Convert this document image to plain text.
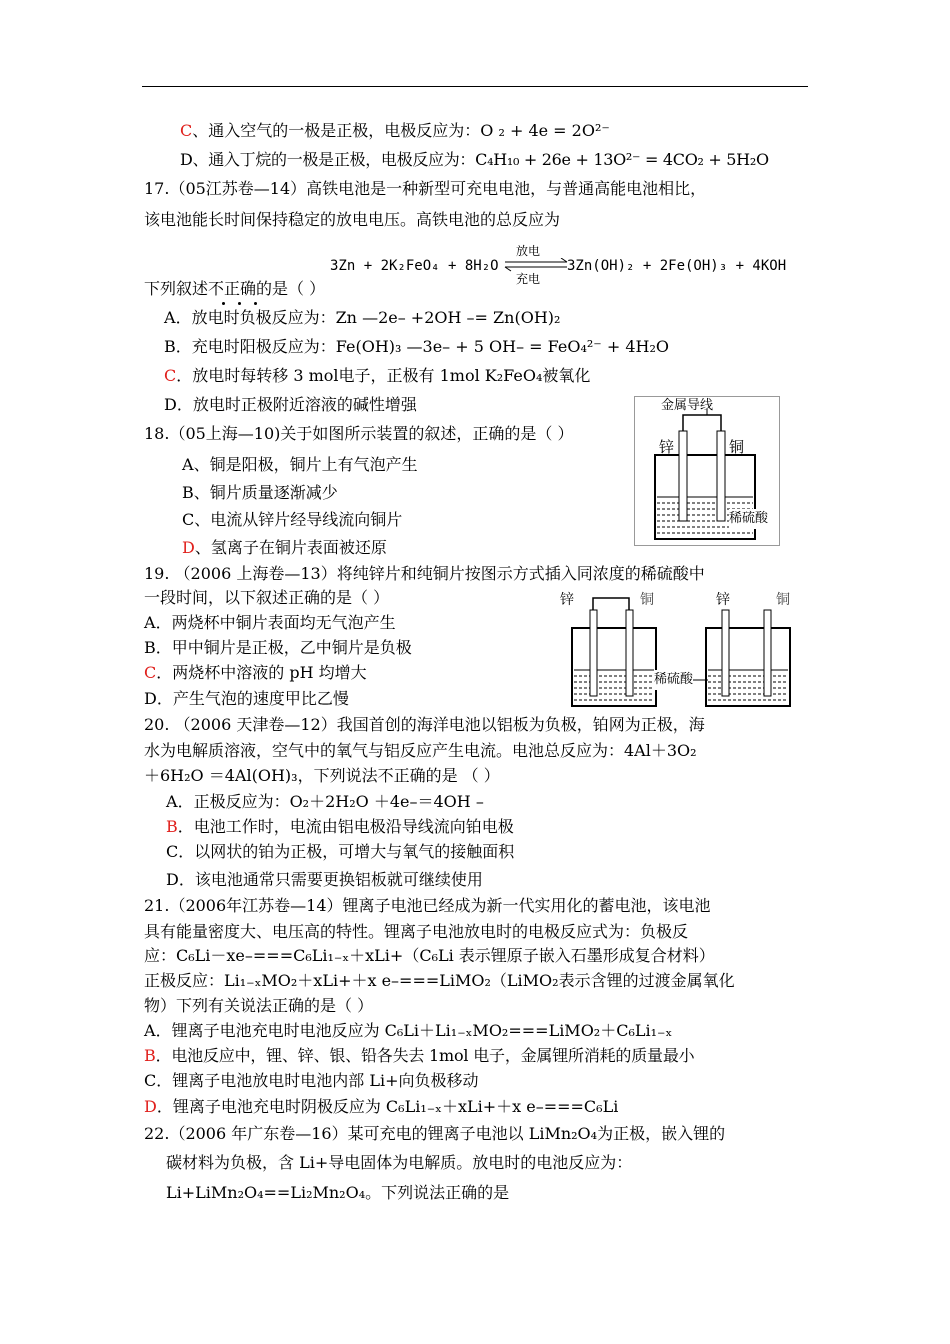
C、通入空气的一极是正极，电极反应为：O ₂ + 4e = 2O²⁻
D、通入丁烷的一极是正极，电极反应为：C₄H₁₀ + 26e + 13O²⁻ = 4CO₂ + 5H₂O
17.（05江苏卷—14）高铁电池是一种新型可充电电池，与普通高能电池相比，
该电池能长时间保持稳定的放电电压。高铁电池的总反应为
3Zn + 2K₂FeO₄ + 8H₂O
放电
充电
3Zn(OH)₂ + 2Fe(OH)₃ + 4KOH
下列叙述不正确的是（ ）
A．放电时负极反应为：Zn —2e– +2OH –= Zn(OH)₂
B．充电时阳极反应为：Fe(OH)₃ —3e– + 5 OH– = FeO₄²⁻ + 4H₂O
C．放电时每转移 3 mol电子，正极有 1mol K₂FeO₄被氧化
D．放电时正极附近溶液的碱性增强
18.（05上海—10)关于如图所示装置的叙述，正确的是（ ）
A、铜是阳极，铜片上有气泡产生
B、铜片质量逐渐减少
C、电流从锌片经导线流向铜片
D、氢离子在铜片表面被还原
金属导线
锌	铜
稀硫酸
19. （2006 上海卷—13）将纯锌片和纯铜片按图示方式插入同浓度的稀硫酸中
一段时间，以下叙述正确的是（ ）
A．两烧杯中铜片表面均无气泡产生
B．甲中铜片是正极，乙中铜片是负极
C．两烧杯中溶液的 pH 均增大
D．产生气泡的速度甲比乙慢
锌	铜	锌	铜
稀硫酸
20. （2006 天津卷—12）我国首创的海洋电池以铝板为负极，铂网为正极，海
水为电解质溶液，空气中的氧气与铝反应产生电流。电池总反应为：4Al＋3O₂
＋6H₂O ＝4Al(OH)₃，下列说法不正确的是 （ ）
A．正极反应为：O₂＋2H₂O ＋4e–＝4OH –
B．电池工作时，电流由铝电极沿导线流向铂电极
C．以网状的铂为正极，可增大与氧气的接触面积
D．该电池通常只需要更换铝板就可继续使用
21.（2006年江苏卷—14）锂离子电池已经成为新一代实用化的蓄电池，该电池
具有能量密度大、电压高的特性。锂离子电池放电时的电极反应式为：负极反
应：C₆Li－xe–===C₆Li₁₋ₓ＋xLi+（C₆Li 表示锂原子嵌入石墨形成复合材料）
正极反应：Li₁₋ₓMO₂＋xLi+＋x e–===LiMO₂（LiMO₂表示含锂的过渡金属氧化
物）下列有关说法正确的是（ ）
A．锂离子电池充电时电池反应为 C₆Li＋Li₁₋ₓMO₂===LiMO₂＋C₆Li₁₋ₓ
B．电池反应中，锂、锌、银、铅各失去 1mol 电子，金属锂所消耗的质量最小
C．锂离子电池放电时电池内部 Li+向负极移动
D．锂离子电池充电时阴极反应为 C₆Li₁₋ₓ＋xLi+＋x e–===C₆Li
22.（2006 年广东卷—16）某可充电的锂离子电池以 LiMn₂O₄为正极，嵌入锂的
碳材料为负极，含 Li+导电固体为电解质。放电时的电池反应为：
Li+LiMn₂O₄==Li₂Mn₂O₄。下列说法正确的是
